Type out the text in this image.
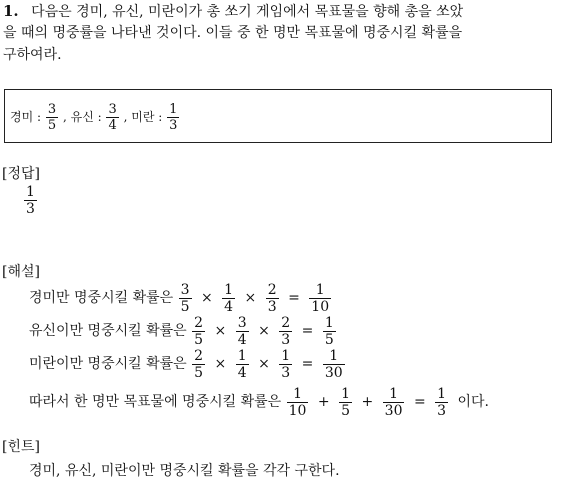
1. 다음은 경미, 유신, 미란이가 총 쏘기 게임에서 목표물을 향해 총을 쏘았
을 때의 명중률을 나타낸 것이다. 이들 중 한 명만 목표물에 명중시킬 확률을
구하여라.
경미 : $\frac{3}{5}$ , 유신 : $\frac{3}{4}$ , 미란 : $\frac{1}{3}$
[정답]
$\frac{1}{3}$
[해설]
경미만 명중시킬 확률은 $\frac{3}{5} \times \frac{1}{4} \times \frac{2}{3} = \frac{1}{10}$
유신이만 명중시킬 확률은 $\frac{2}{5} \times \frac{3}{4} \times \frac{2}{3} = \frac{1}{5}$
미란이만 명중시킬 확률은 $\frac{2}{5} \times \frac{1}{4} \times \frac{1}{3} = \frac{1}{30}$
따라서 한 명만 목표물에 명중시킬 확률은 $\frac{1}{10} + \frac{1}{5} + \frac{1}{30} = \frac{1}{3}$ 이다.
[힌트]
경미, 유신, 미란이만 명중시킬 확률을 각각 구한다.
